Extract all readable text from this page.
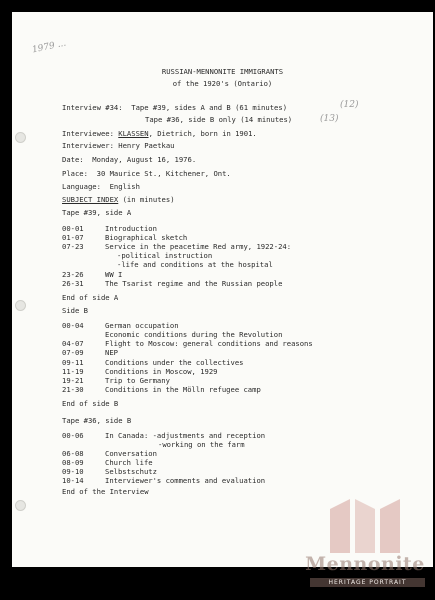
1979 ...
RUSSIAN-MENNONITE IMMIGRANTS
of the 1920's (Ontario)
Interview #34:  Tape #39, sides A and B (61 minutes)	(12)
Tape #36, side B only (14 minutes)	(13)
Interviewee: KLASSEN, Dietrich, born in 1901.
Interviewer: Henry Paetkau
Date:  Monday, August 16, 1976.
Place:  30 Maurice St., Kitchener, Ont.
Language:  English
SUBJECT INDEX (in minutes)
Tape #39, side A
00-01	Introduction
01-07	Biographical sketch
07-23	Service in the peacetime Red army, 1922-24:
-political instruction
-life and conditions at the hospital
23-26	WW I
26-31	The Tsarist regime and the Russian people
End of side A
Side B
00-04	German occupation
Economic conditions during the Revolution
04-07	Flight to Moscow: general conditions and reasons
07-09	NEP
09-11	Conditions under the collectives
11-19	Conditions in Moscow, 1929
19-21	Trip to Germany
21-30	Conditions in the Mölln refugee camp
End of side B
Tape #36, side B
00-06	In Canada: -adjustments and reception
-working on the farm
06-08	Conversation
08-09	Church life
09-10	Selbstschutz
10-14	Interviewer's comments and evaluation
End of the Interview
Mennonite
HERITAGE PORTRAIT
